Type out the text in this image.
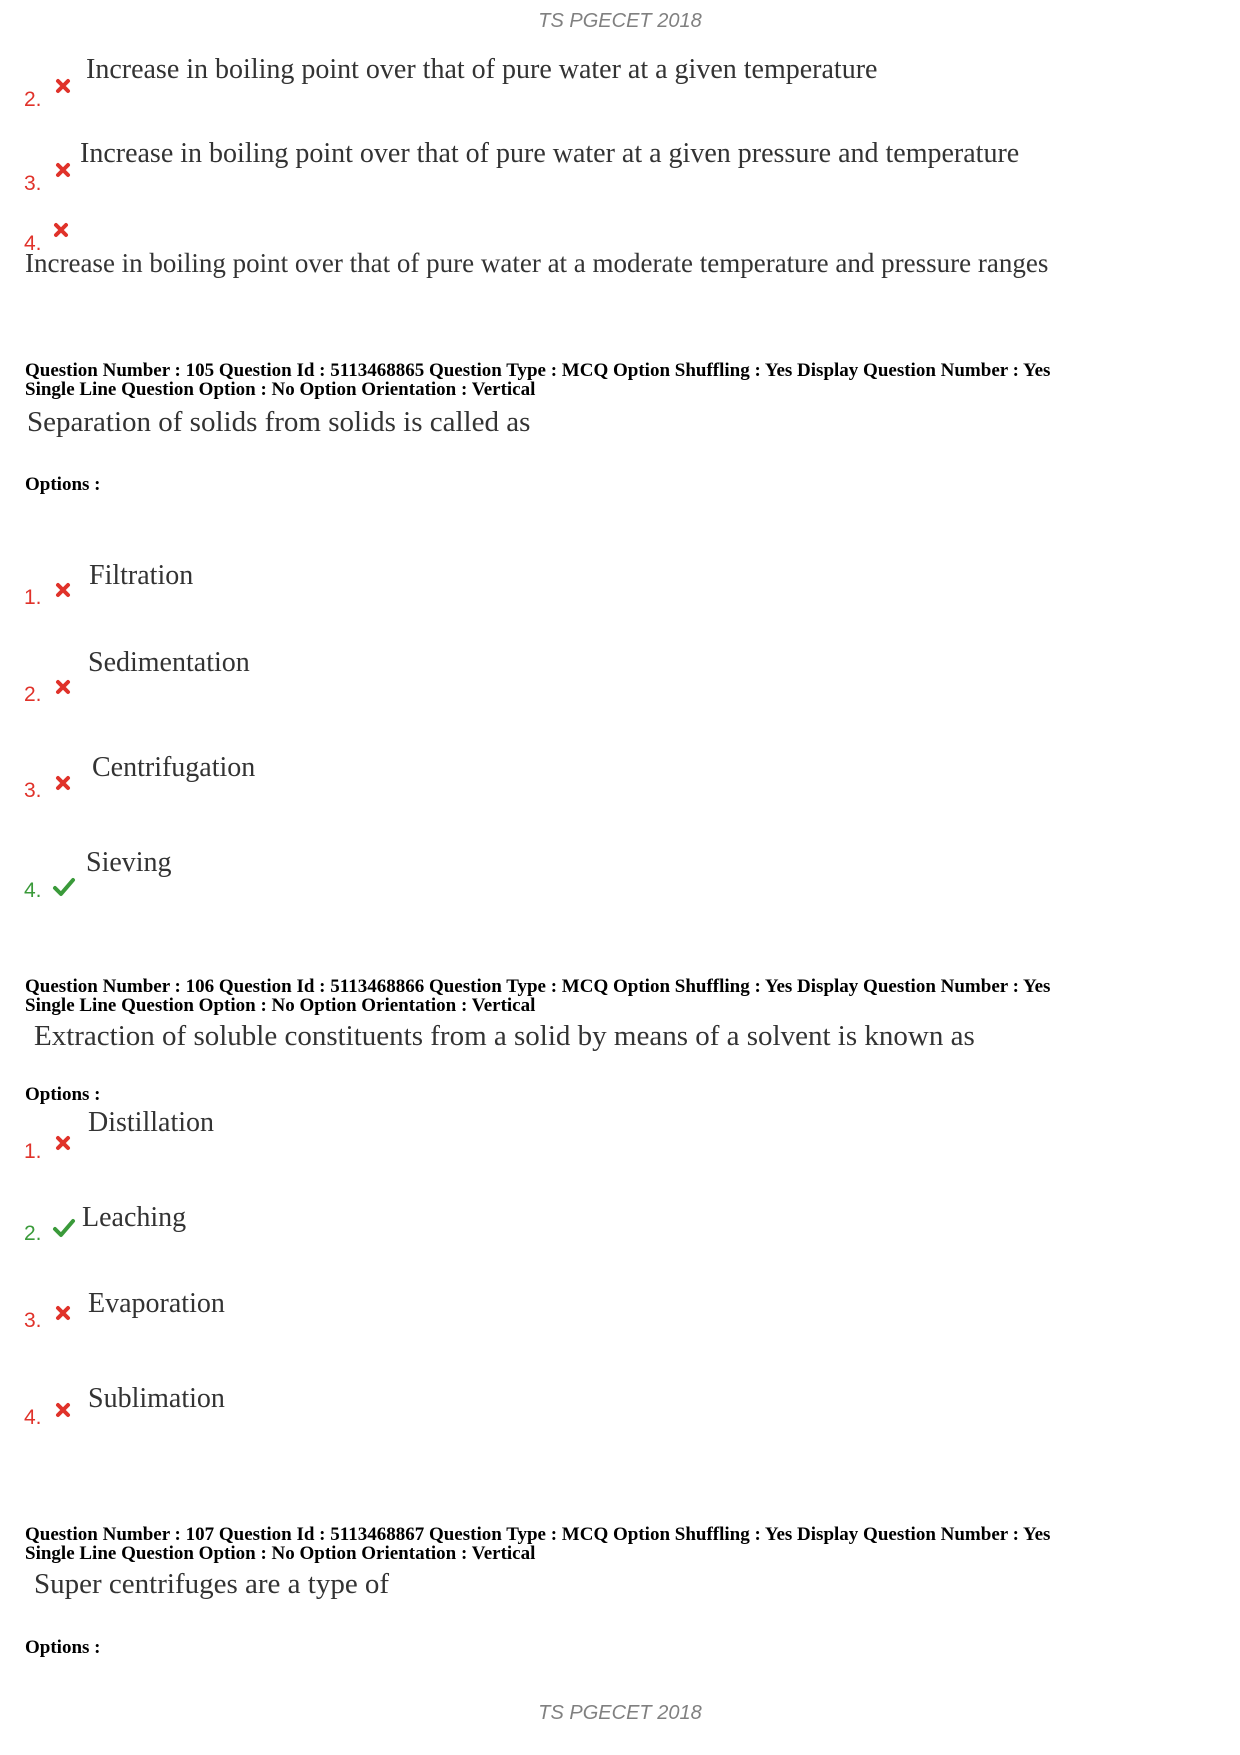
TS PGECET 2018
2.
Increase in boiling point over that of pure water at a given temperature
3.
Increase in boiling point over that of pure water at a given pressure and temperature
4.
Increase in boiling point over that of pure water at a moderate temperature and pressure ranges
Question Number : 105 Question Id : 5113468865 Question Type : MCQ Option Shuffling : Yes Display Question Number : Yes
Single Line Question Option : No Option Orientation : Vertical
Separation of solids from solids is called as
Options :
1.
Filtration
2.
Sedimentation
3.
Centrifugation
4.
Sieving
Question Number : 106 Question Id : 5113468866 Question Type : MCQ Option Shuffling : Yes Display Question Number : Yes
Single Line Question Option : No Option Orientation : Vertical
Extraction of soluble constituents from a solid by means of a solvent is known as
Options :
1.
Distillation
2.
Leaching
3.
Evaporation
4.
Sublimation
Question Number : 107 Question Id : 5113468867 Question Type : MCQ Option Shuffling : Yes Display Question Number : Yes
Single Line Question Option : No Option Orientation : Vertical
Super centrifuges are a type of
Options :
TS PGECET 2018
